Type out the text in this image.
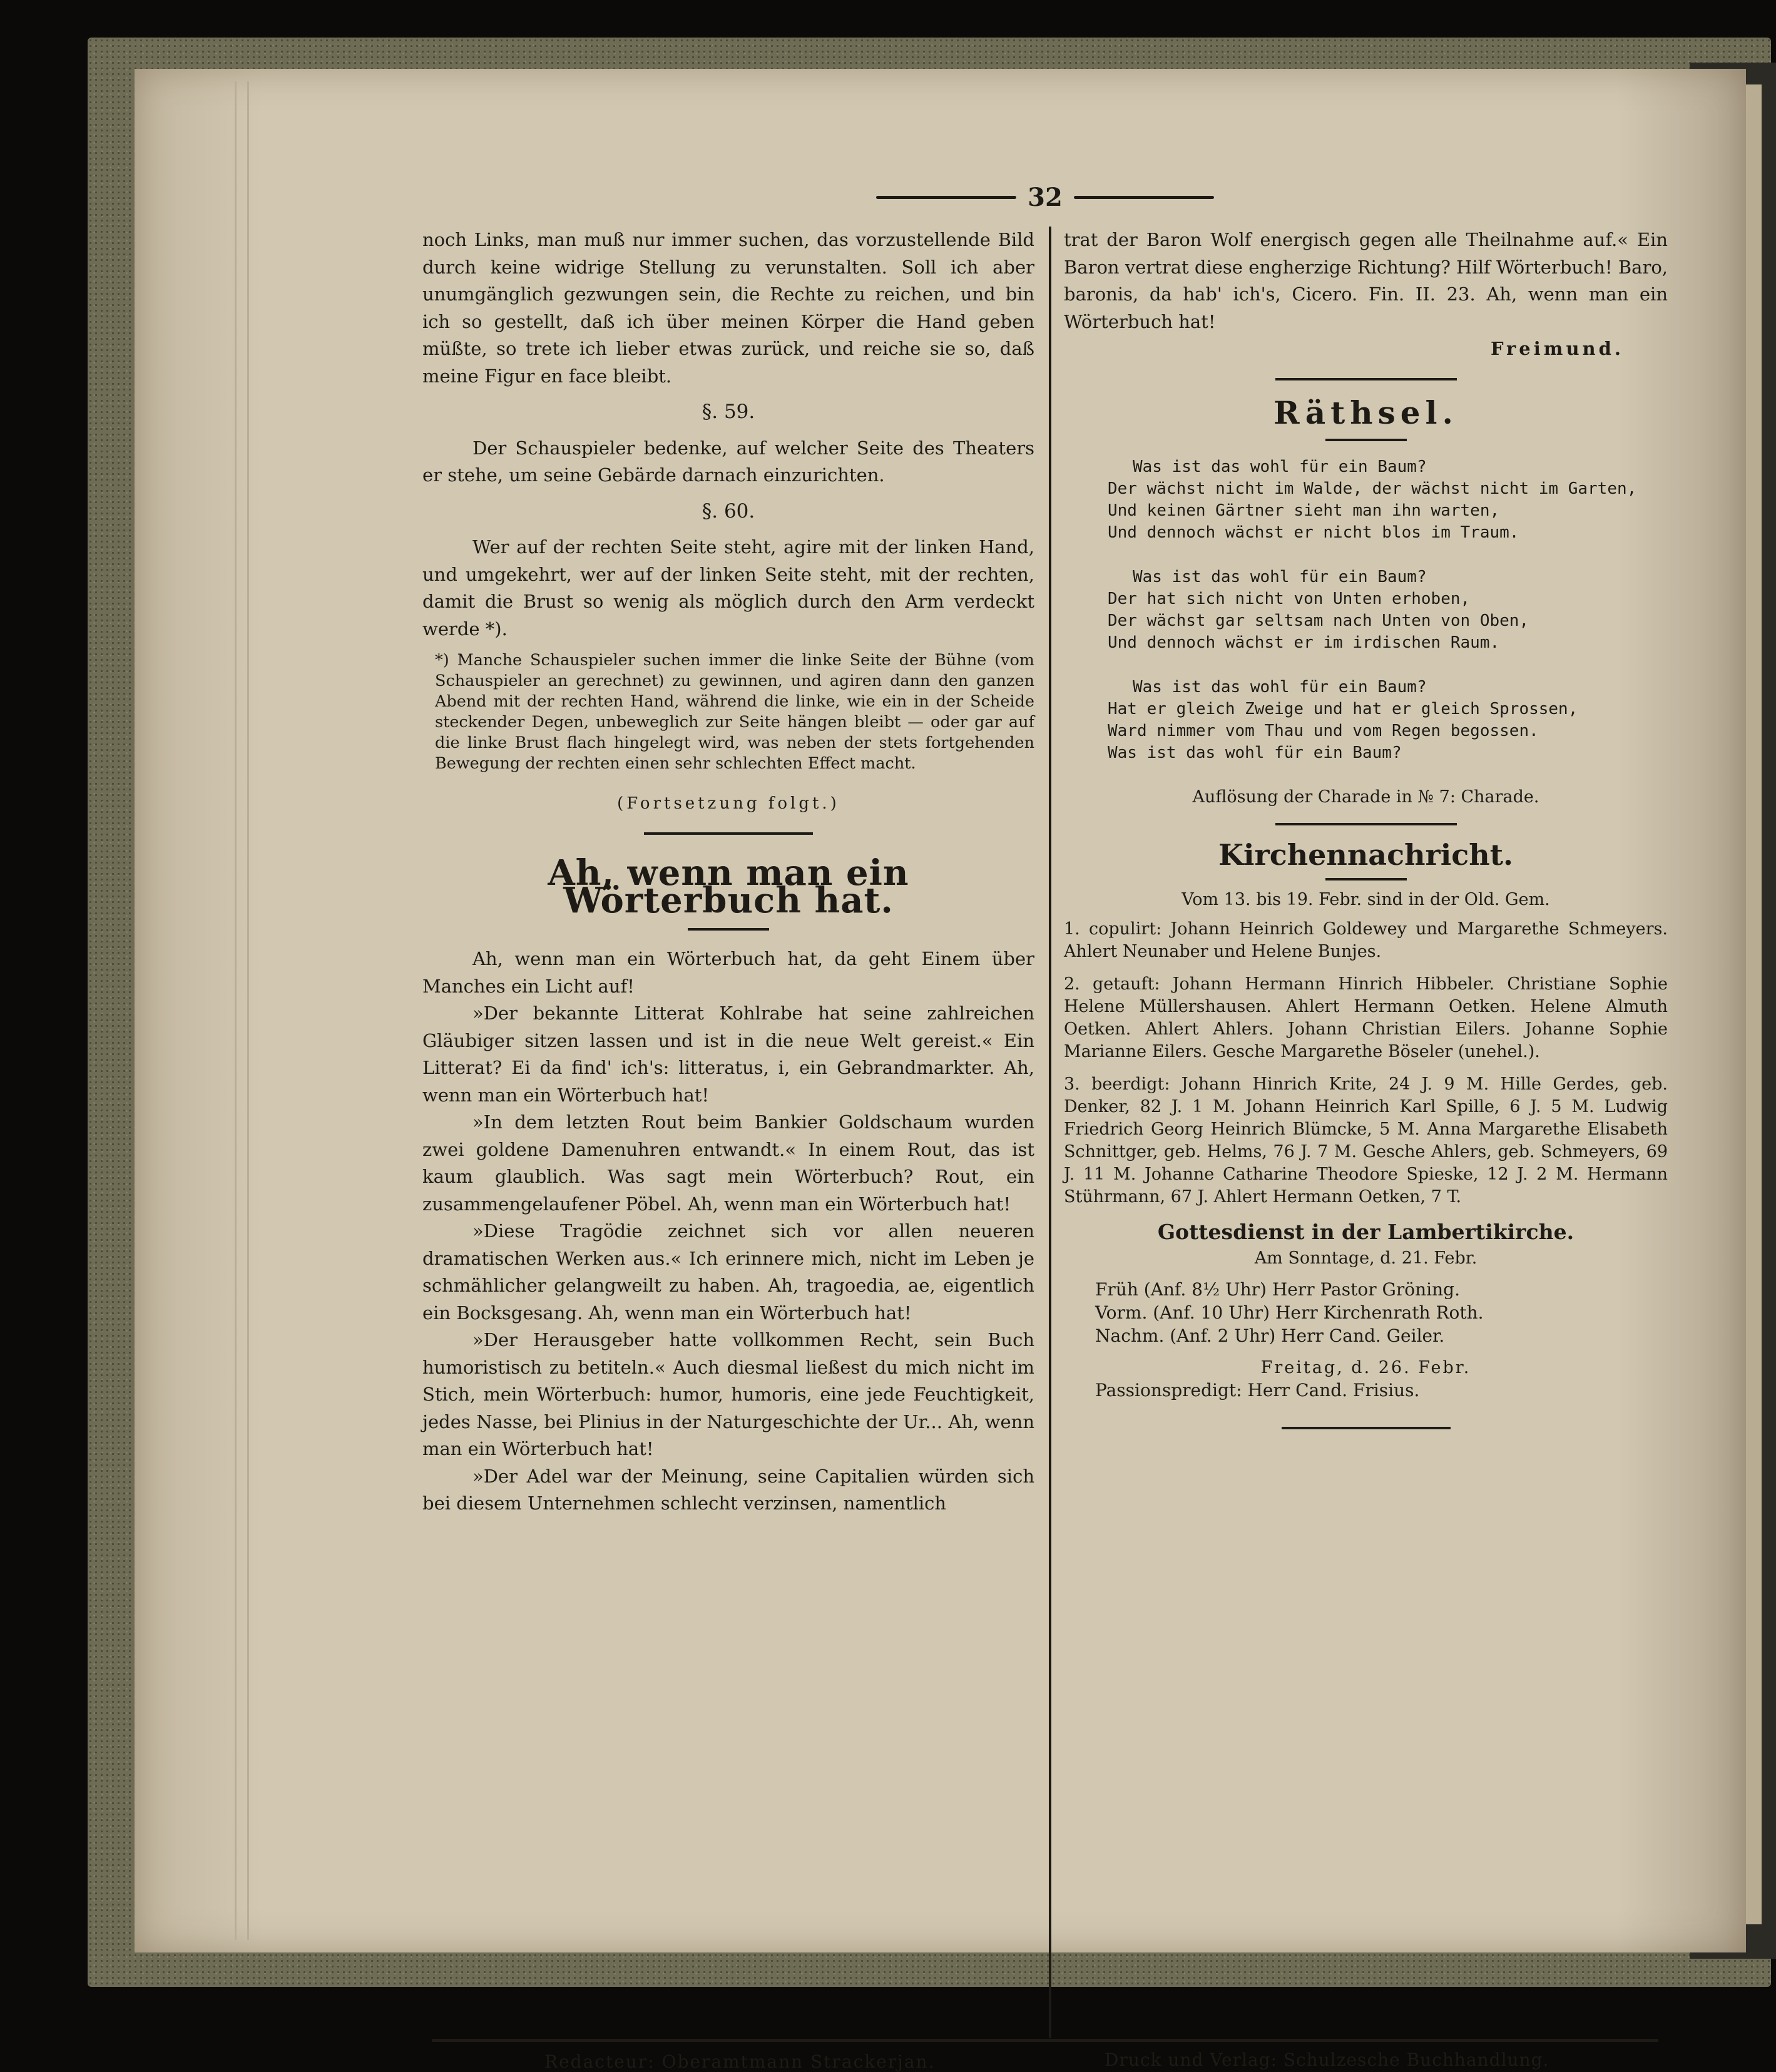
32

noch Links, man muß nur immer suchen, das vorzustellende Bild durch keine widrige Stellung zu verunstalten. Soll ich aber unumgänglich gezwungen sein, die Rechte zu reichen, und bin ich so gestellt, daß ich über meinen Körper die Hand geben müßte, so trete ich lieber etwas zurück, und reiche sie so, daß meine Figur en face bleibt.

§. 59.

Der Schauspieler bedenke, auf welcher Seite des Theaters er stehe, um seine Gebärde darnach einzurichten.

§. 60.

Wer auf der rechten Seite steht, agire mit der linken Hand, und umgekehrt, wer auf der linken Seite steht, mit der rechten, damit die Brust so wenig als möglich durch den Arm verdeckt werde *).

*) Manche Schauspieler suchen immer die linke Seite der Bühne (vom Schauspieler an gerechnet) zu gewinnen, und agiren dann den ganzen Abend mit der rechten Hand, während die linke, wie ein in der Scheide steckender Degen, unbeweglich zur Seite hängen bleibt — oder gar auf die linke Brust flach hingelegt wird, was neben der stets fortgehenden Bewegung der rechten einen sehr schlechten Effect macht.

(Fortsetzung folgt.)
Ah, wenn man ein Wörterbuch hat.

Ah, wenn man ein Wörterbuch hat, da geht Einem über Manches ein Licht auf!

»Der bekannte Litterat Kohlrabe hat seine zahlreichen Gläubiger sitzen lassen und ist in die neue Welt gereist.« Ein Litterat? Ei da find' ich's: litteratus, i, ein Gebrandmarkter. Ah, wenn man ein Wörterbuch hat!

»In dem letzten Rout beim Bankier Goldschaum wurden zwei goldene Damenuhren entwandt.« In einem Rout, das ist kaum glaublich. Was sagt mein Wörterbuch? Rout, ein zusammengelaufener Pöbel. Ah, wenn man ein Wörterbuch hat!

»Diese Tragödie zeichnet sich vor allen neueren dramatischen Werken aus.« Ich erinnere mich, nicht im Leben je schmählicher gelangweilt zu haben. Ah, tragoedia, ae, eigentlich ein Bocksgesang. Ah, wenn man ein Wörterbuch hat!

»Der Herausgeber hatte vollkommen Recht, sein Buch humoristisch zu betiteln.« Auch diesmal ließest du mich nicht im Stich, mein Wörterbuch: humor, humoris, eine jede Feuchtigkeit, jedes Nasse, bei Plinius in der Naturgeschichte der Ur... Ah, wenn man ein Wörterbuch hat!

»Der Adel war der Meinung, seine Capitalien würden sich bei diesem Unternehmen schlecht verzinsen, namentlich

trat der Baron Wolf energisch gegen alle Theilnahme auf.« Ein Baron vertrat diese engherzige Richtung? Hilf Wörterbuch! Baro, baronis, da hab' ich's, Cicero. Fin. II. 23. Ah, wenn man ein Wörterbuch hat!

Freimund.
Räthsel.
Was ist das wohl für ein Baum?
Der wächst nicht im Walde, der wächst nicht im Garten,
Und keinen Gärtner sieht man ihn warten,
Und dennoch wächst er nicht blos im Traum.
Was ist das wohl für ein Baum?
Der hat sich nicht von Unten erhoben,
Der wächst gar seltsam nach Unten von Oben,
Und dennoch wächst er im irdischen Raum.
Was ist das wohl für ein Baum?
Hat er gleich Zweige und hat er gleich Sprossen,
Ward nimmer vom Thau und vom Regen begossen.
Was ist das wohl für ein Baum?
Auflösung der Charade in № 7: Charade.
Kirchennachricht.
Vom 13. bis 19. Febr. sind in der Old. Gem.

1. copulirt: Johann Heinrich Goldewey und Margarethe Schmeyers. Ahlert Neunaber und Helene Bunjes.

2. getauft: Johann Hermann Hinrich Hibbeler. Christiane Sophie Helene Müllershausen. Ahlert Hermann Oetken. Helene Almuth Oetken. Ahlert Ahlers. Johann Christian Eilers. Johanne Sophie Marianne Eilers. Gesche Margarethe Böseler (unehel.).

3. beerdigt: Johann Hinrich Krite, 24 J. 9 M. Hille Gerdes, geb. Denker, 82 J. 1 M. Johann Heinrich Karl Spille, 6 J. 5 M. Ludwig Friedrich Georg Heinrich Blümcke, 5 M. Anna Margarethe Elisabeth Schnittger, geb. Helms, 76 J. 7 M. Gesche Ahlers, geb. Schmeyers, 69 J. 11 M. Johanne Catharine Theodore Spieske, 12 J. 2 M. Hermann Stührmann, 67 J. Ahlert Hermann Oetken, 7 T.

Gottesdienst in der Lambertikirche.
Am Sonntage, d. 21. Febr.
Früh (Anf. 8½ Uhr) Herr Pastor Gröning.
Vorm. (Anf. 10 Uhr) Herr Kirchenrath Roth.
Nachm. (Anf. 2 Uhr) Herr Cand. Geiler.
Freitag, d. 26. Febr.
Passionspredigt: Herr Cand. Frisius.
Redacteur: Oberamtmann Strackerjan.	Druck und Verlag: Schulzesche Buchhandlung.
